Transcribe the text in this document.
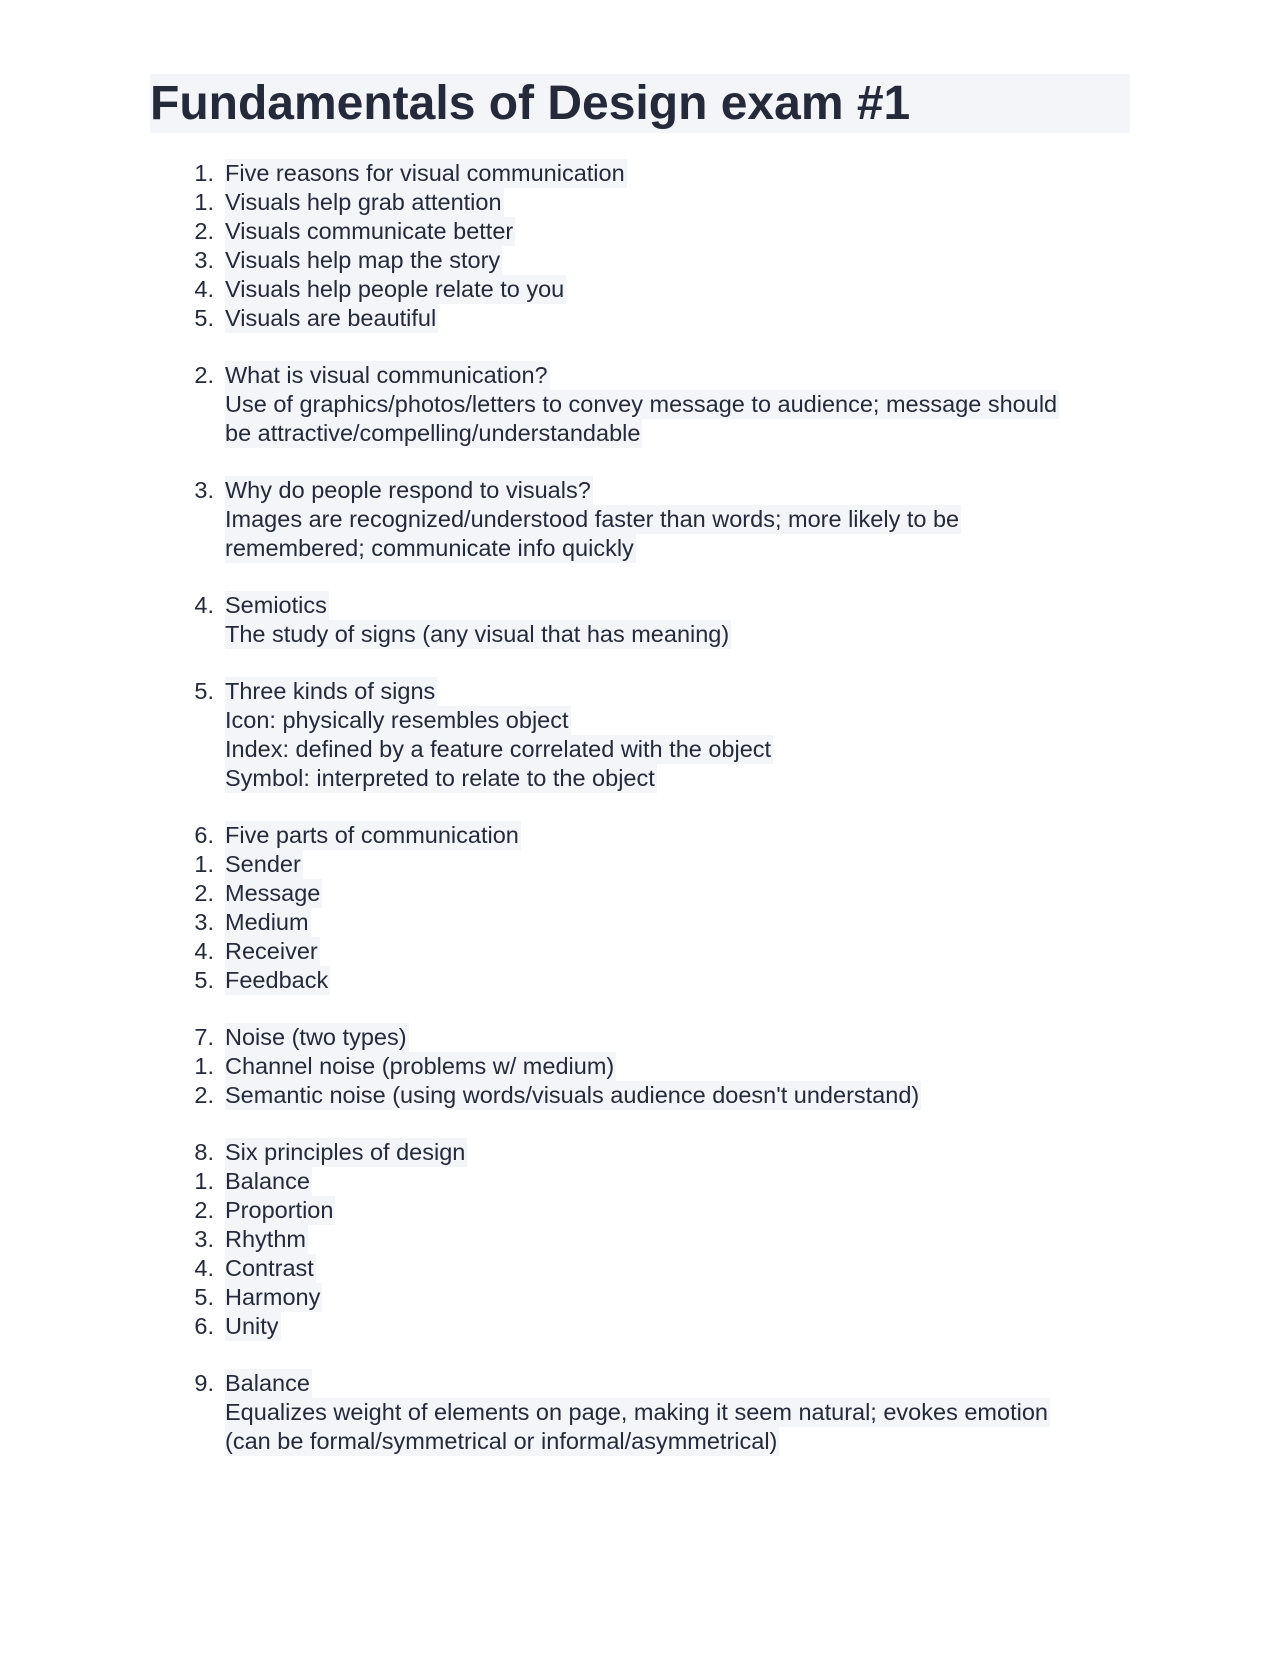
Fundamentals of Design exam #1
1. Five reasons for visual communication
1. Visuals help grab attention
2. Visuals communicate better
3. Visuals help map the story
4. Visuals help people relate to you
5. Visuals are beautiful
2. What is visual communication?
Use of graphics/photos/letters to convey message to audience; message should
be attractive/compelling/understandable
3. Why do people respond to visuals?
Images are recognized/understood faster than words; more likely to be
remembered; communicate info quickly
4. Semiotics
The study of signs (any visual that has meaning)
5. Three kinds of signs
Icon: physically resembles object
Index: defined by a feature correlated with the object
Symbol: interpreted to relate to the object
6. Five parts of communication
1. Sender
2. Message
3. Medium
4. Receiver
5. Feedback
7. Noise (two types)
1. Channel noise (problems w/ medium)
2. Semantic noise (using words/visuals audience doesn't understand)
8. Six principles of design
1. Balance
2. Proportion
3. Rhythm
4. Contrast
5. Harmony
6. Unity
9. Balance
Equalizes weight of elements on page, making it seem natural; evokes emotion
(can be formal/symmetrical or informal/asymmetrical)
